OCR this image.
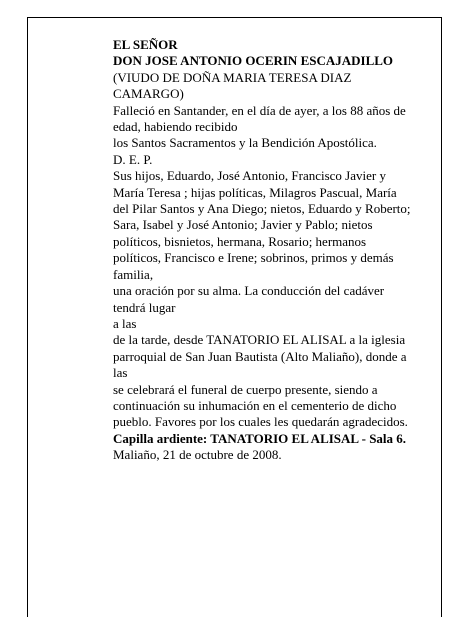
EL SEÑOR

DON JOSE ANTONIO OCERIN ESCAJADILLO

(VIUDO DE DOÑA MARIA TERESA DIAZ CAMARGO)

Falleció en Santander, en el día de ayer, a los 88 años de edad, habiendo recibido

los Santos Sacramentos y la Bendición Apostólica.

D. E. P.

Sus hijos, Eduardo, José Antonio, Francisco Javier y María Teresa ; hijas políticas, Milagros Pascual, María del Pilar Santos y Ana Diego; nietos, Eduardo y Roberto; Sara, Isabel y José Antonio; Javier y Pablo; nietos políticos, bisnietos, hermana, Rosario; hermanos políticos, Francisco e Irene; sobrinos, primos y demás familia,

una oración por su alma. La conducción del cadáver tendrá lugar

a las

de la tarde, desde TANATORIO EL ALISAL a la iglesia parroquial de San Juan Bautista (Alto Maliaño), donde a las

se celebrará el funeral de cuerpo presente, siendo a continuación su inhumación en el cementerio de dicho pueblo. Favores por los cuales les quedarán agradecidos.

Capilla ardiente: TANATORIO EL ALISAL - Sala 6.

Maliaño, 21 de octubre de 2008.
